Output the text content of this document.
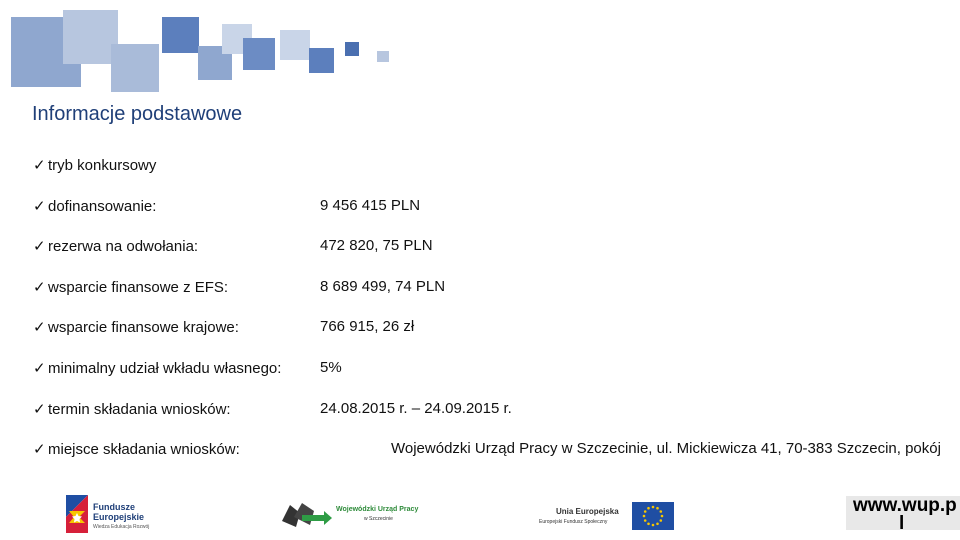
Informacje podstawowe
✓ tryb konkursowy
✓ dofinansowanie:	9 456 415 PLN
✓ rezerwa na odwołania:	472 820, 75 PLN
✓ wsparcie finansowe z EFS:	8 689 499, 74 PLN
✓ wsparcie finansowe krajowe:	766 915, 26 zł
✓ minimalny udział wkładu własnego:	5%
✓ termin składania wniosków:	24.08.2015 r. – 24.09.2015 r.
✓ miejsce składania wniosków:	Wojewódzki Urząd Pracy w Szczecinie, ul. Mickiewicza 41, 70-383 Szczecin, pokój
Fundusze
Europejskie
Wiedza Edukacja Rozwój
Wojewódzki Urząd Pracy
w Szczecinie
Unia Europejska
Europejski Fundusz Społeczny
www.wup.p
l
